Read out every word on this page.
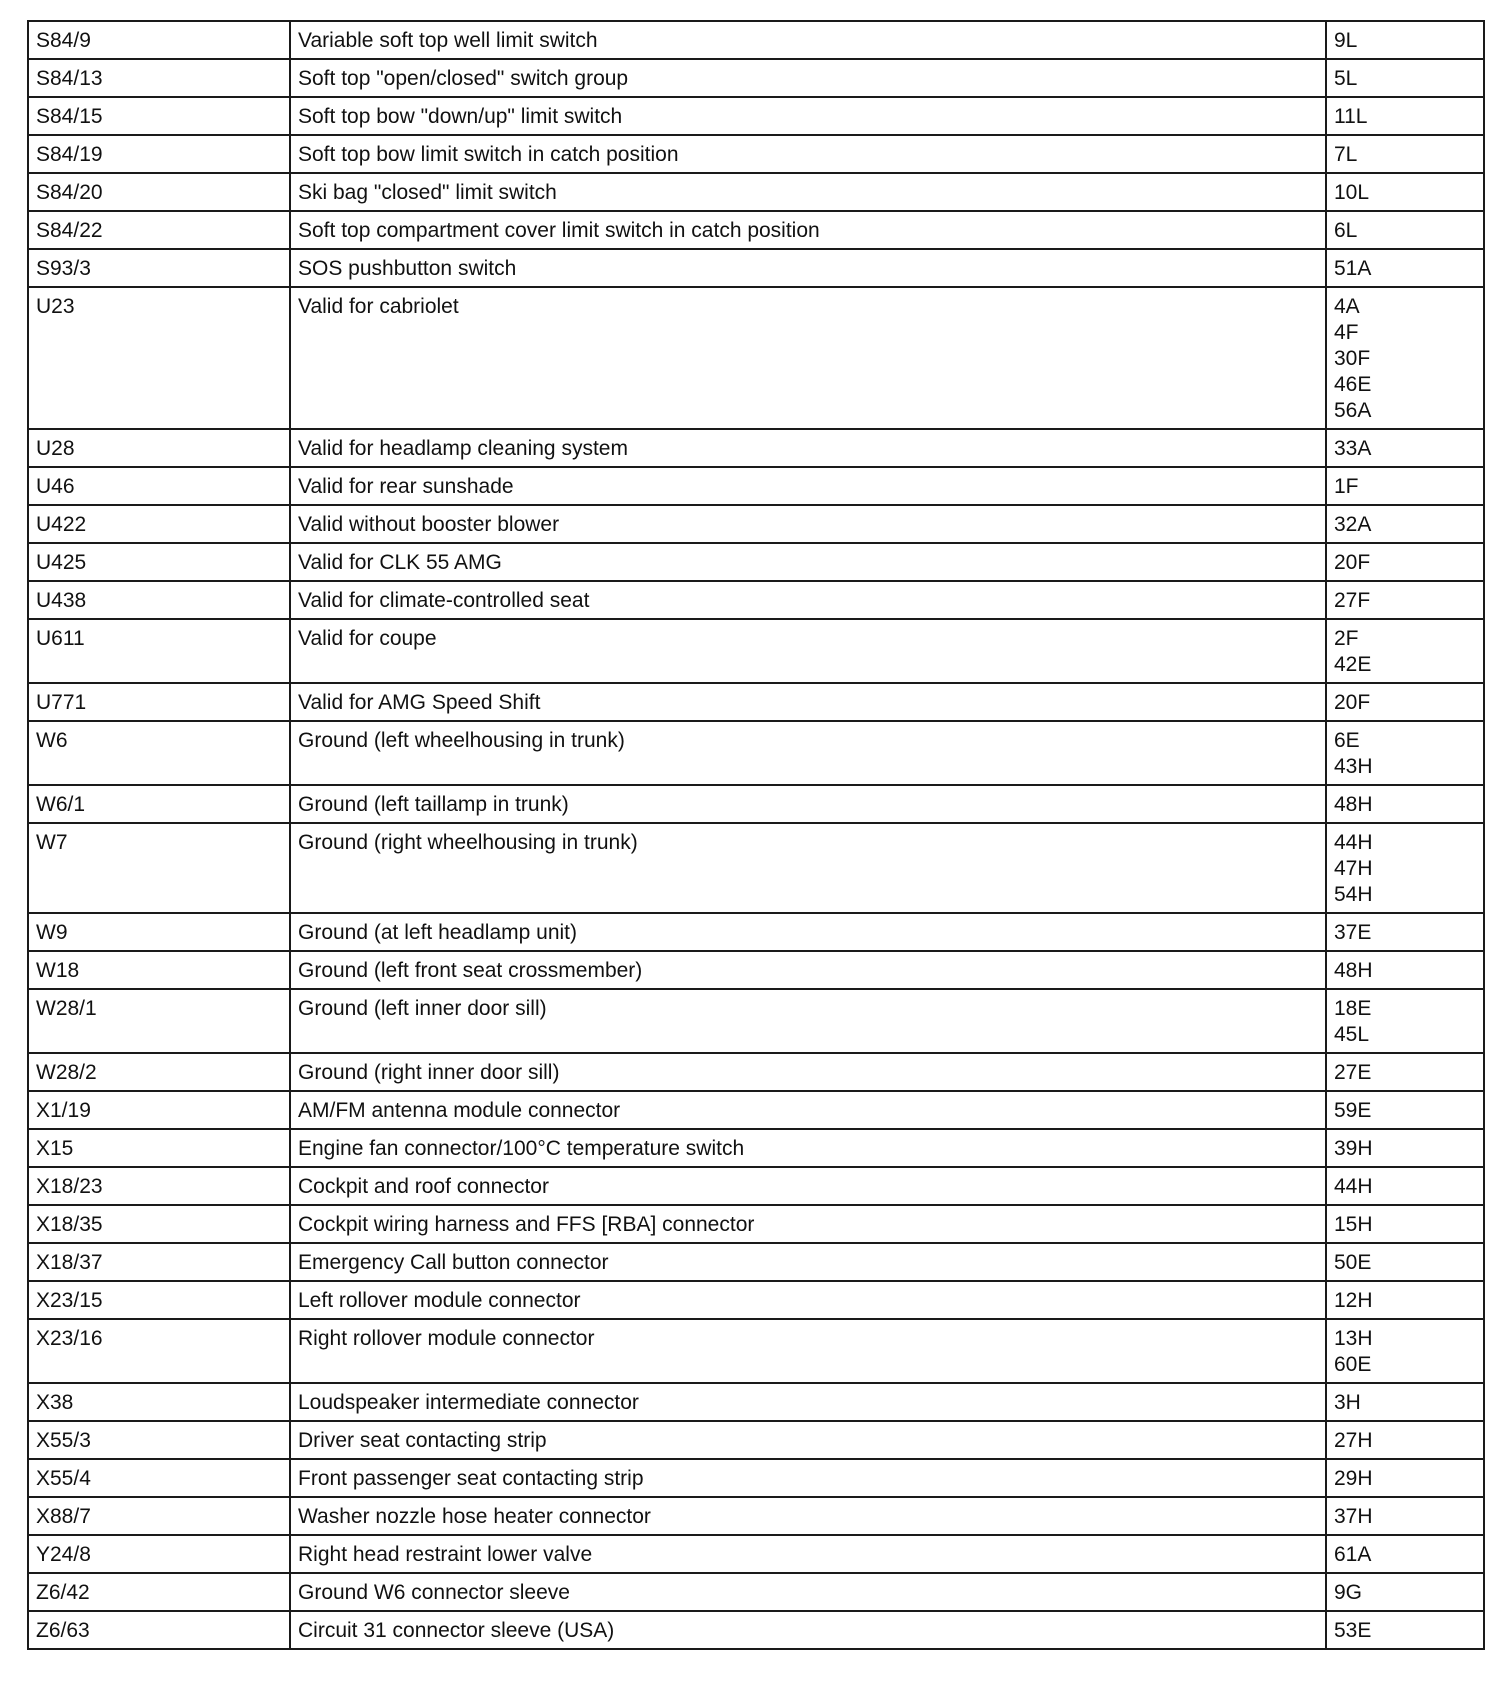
S84/9	Variable soft top well limit switch	9L

S84/13	Soft top "open/closed" switch group	5L

S84/15	Soft top bow "down/up" limit switch	11L

S84/19	Soft top bow limit switch in catch position	7L

S84/20	Ski bag "closed" limit switch	10L

S84/22	Soft top compartment cover limit switch in catch position	6L

S93/3	SOS pushbutton switch	51A

U23	Valid for cabriolet	4A
4F
30F
46E
56A

U28	Valid for headlamp cleaning system	33A

U46	Valid for rear sunshade	1F

U422	Valid without booster blower	32A

U425	Valid for CLK 55 AMG	20F

U438	Valid for climate-controlled seat	27F

U611	Valid for coupe	2F
42E

U771	Valid for AMG Speed Shift	20F

W6	Ground (left wheelhousing in trunk)	6E
43H

W6/1	Ground (left taillamp in trunk)	48H

W7	Ground (right wheelhousing in trunk)	44H
47H
54H

W9	Ground (at left headlamp unit)	37E

W18	Ground (left front seat crossmember)	48H

W28/1	Ground (left inner door sill)	18E
45L

W28/2	Ground (right inner door sill)	27E

X1/19	AM/FM antenna module connector	59E

X15	Engine fan connector/100°C temperature switch	39H

X18/23	Cockpit and roof connector	44H

X18/35	Cockpit wiring harness and FFS [RBA] connector	15H

X18/37	Emergency Call button connector	50E

X23/15	Left rollover module connector	12H

X23/16	Right rollover module connector	13H
60E

X38	Loudspeaker intermediate connector	3H

X55/3	Driver seat contacting strip	27H

X55/4	Front passenger seat contacting strip	29H

X88/7	Washer nozzle hose heater connector	37H

Y24/8	Right head restraint lower valve	61A

Z6/42	Ground W6 connector sleeve	9G

Z6/63	Circuit 31 connector sleeve (USA)	53E
